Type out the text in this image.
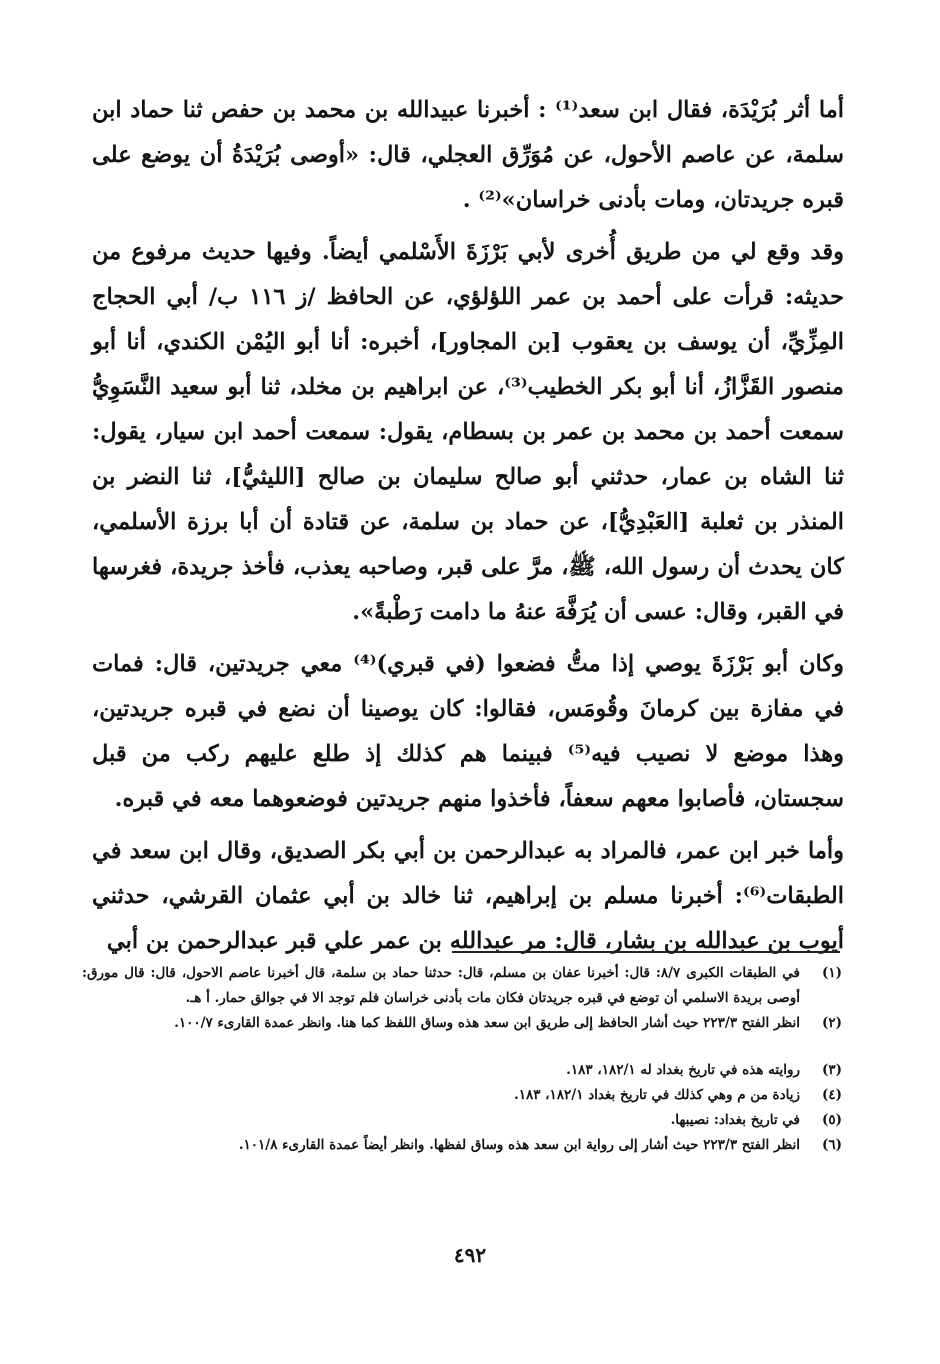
أما أثر بُرَيْدَة، فقال ابن سعد⁽¹⁾ : أخبرنا عبيدالله بن محمد بن حفص ثنا حماد ابن سلمة، عن عاصم الأحول، عن مُوَرِّق العجلي، قال: «أوصى بُرَيْدَةُ أن يوضع على قبره جريدتان، ومات بأدنى خراسان»⁽²⁾ .

وقد وقع لي من طريق أُخرى لأبي بَرْزَةَ الأَسْلمي أيضاً. وفيها حديث مرفوع من حديثه: قرأت على أحمد بن عمر اللؤلؤي، عن الحافظ /ز ١١٦ ب/ أبي الحجاج المِزِّيِّ، أن يوسف بن يعقوب [بن المجاور]، أخبره: أنا أبو اليُمْن الكندي، أنا أبو منصور القَزَّازُ، أنا أبو بكر الخطيب⁽³⁾، عن ابراهيم بن مخلد، ثنا أبو سعيد النَّسَوِيُّ سمعت أحمد بن محمد بن عمر بن بسطام، يقول: سمعت أحمد ابن سيار، يقول: ثنا الشاه بن عمار، حدثني أبو صالح سليمان بن صالح [الليثيُّ]، ثنا النضر بن المنذر بن ثعلبة [العَبْدِيُّ]، عن حماد بن سلمة، عن قتادة أن أبا برزة الأسلمي، كان يحدث أن رسول الله، ﷺ، مرَّ على قبر، وصاحبه يعذب، فأخذ جريدة، فغرسها في القبر، وقال: عسى أن يُرَفَّهَ عنهُ ما دامت رَطْبةً».

وكان أبو بَرْزَةَ يوصي إذا متُّ فضعوا (في قبري)⁽⁴⁾ معي جريدتين، قال: فمات في مفازة بين كرمانَ وقُومَس، فقالوا: كان يوصينا أن نضع في قبره جريدتين، وهذا موضع لا نصيب فيه⁽⁵⁾ فبينما هم كذلك إذ طلع عليهم ركب من قبل سجستان، فأصابوا معهم سعفاً، فأخذوا منهم جريدتين فوضعوهما معه في قبره.

وأما خبر ابن عمر، فالمراد به عبدالرحمن بن أبي بكر الصديق، وقال ابن سعد في الطبقات⁽⁶⁾: أخبرنا مسلم بن إبراهيم، ثنا خالد بن أبي عثمان القرشي، حدثني أيوب بن عبدالله بن بشار، قال: مر عبدالله بن عمر علي قبر عبدالرحمن بن أبي

(١)
في الطبقات الكبرى ٨/٧: قال: أخبرنا عفان بن مسلم، قال: حدثنا حماد بن سلمة، قال أخبرنا عاصم الاحول، قال: قال مورق: أوصى بريدة الاسلمي أن توضع في قبره جريدتان فكان مات بأدنى خراسان فلم توجد الا في جوالق حمار. أ هـ.
(٢)
انظر الفتح ٢٢٣/٣ حيث أشار الحافظ إلى طريق ابن سعد هذه وساق اللفظ كما هنا. وانظر عمدة القارىء ١٠٠/٧.
(٣)
روايته هذه في تاريخ بغداد له ١٨٢/١، ١٨٣.
(٤)
زيادة من م وهي كذلك في تاريخ بغداد ١٨٢/١، ١٨٣.
(٥)
في تاريخ بغداد: نصيبها.
(٦)
انظر الفتح ٢٢٣/٣ حيث أشار إلى رواية ابن سعد هذه وساق لفظها. وانظر أيضاً عمدة القارىء ١٠١/٨.
٤٩٢
